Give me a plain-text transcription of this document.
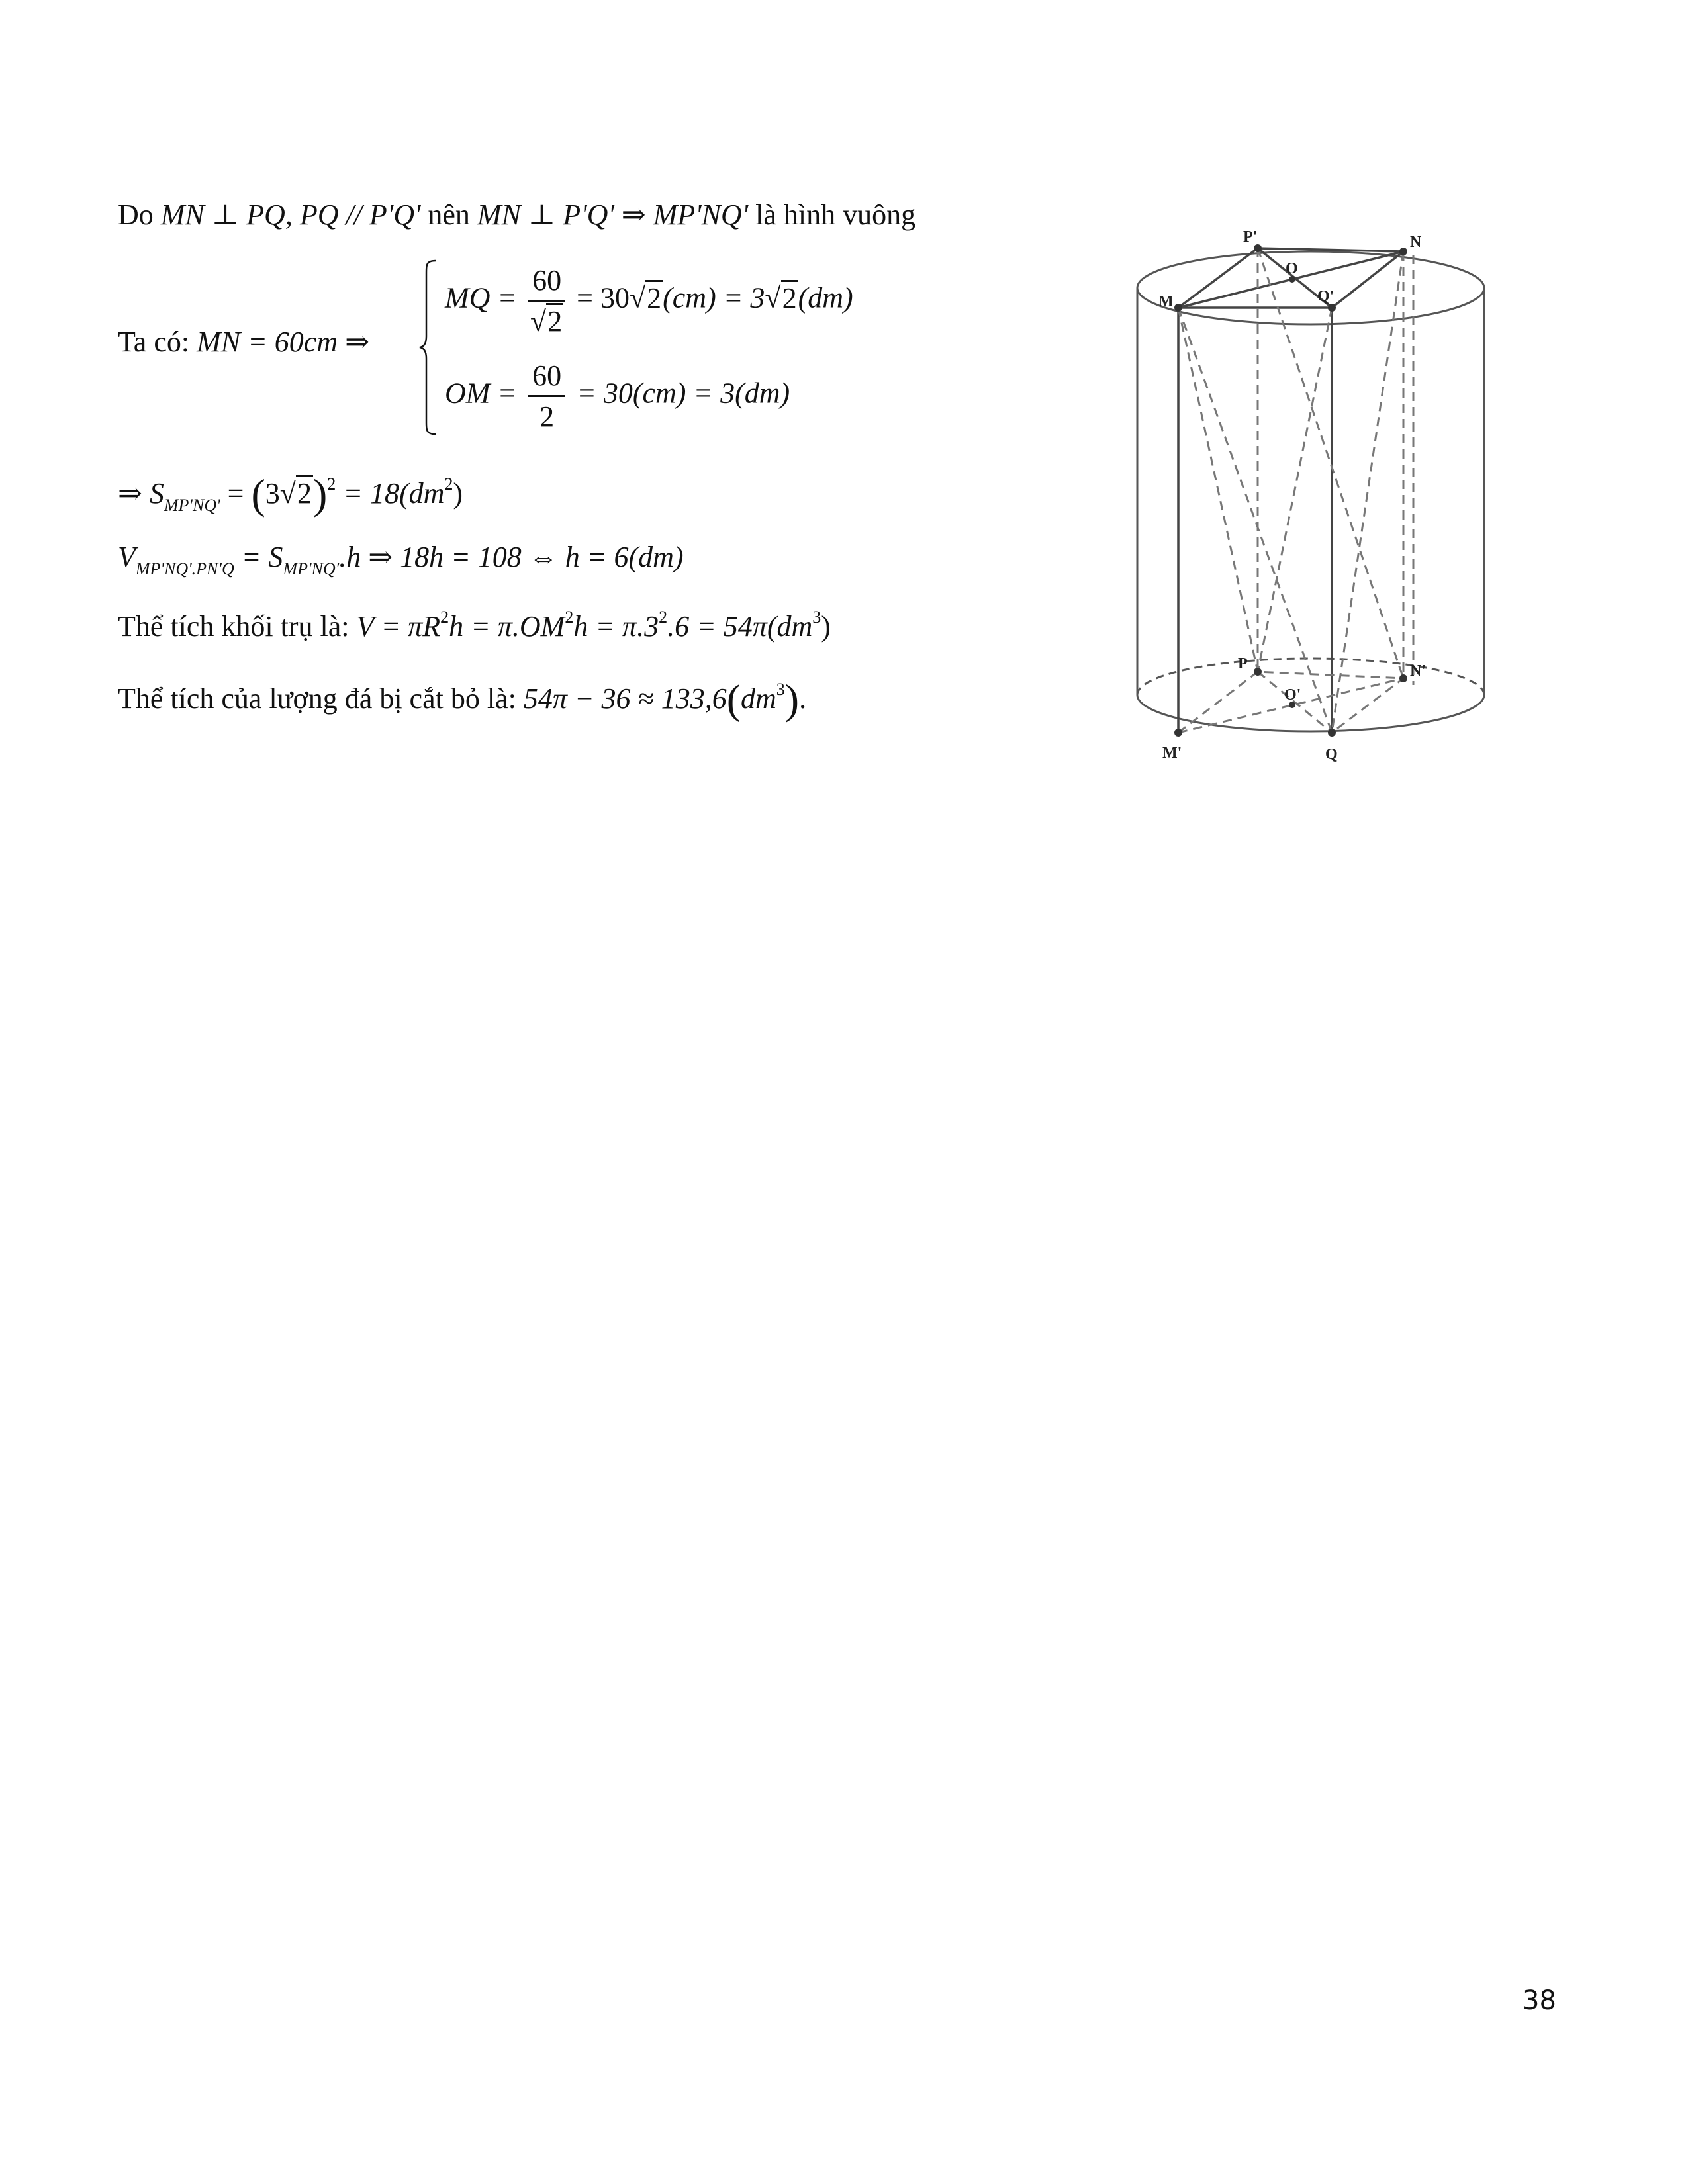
Do MN ⊥ PQ, PQ // P'Q' nên MN ⊥ P'Q' ⇒ MP'NQ' là hình vuông
Ta có: MN = 60cm ⇒
MQ = $\frac{60}{√2} = 30√2(cm) = 3√2(dm)$
OM = $\frac{60}{2} = 30(cm) = 3(dm)$
⇒ $S_{MP'NQ'} = (3√2)^2 = 18(dm^2)$
$V_{MP'NQ'.PN'Q} = S_{MP'NQ'}.h$ ⇒ 18h = 108 ⇔ h = 6(dm)
Thể tích khối trụ là: $V = \pi R^2h = \pi.OM^2h = \pi.3^2.6 = 54\pi(dm^3)$
Thể tích của lượng đá bị cắt bỏ là: $54\pi - 36 \approx 133,6(dm^3)$.
P'	N
O
M	Q'
P	N'
O'
M'	Q
38
